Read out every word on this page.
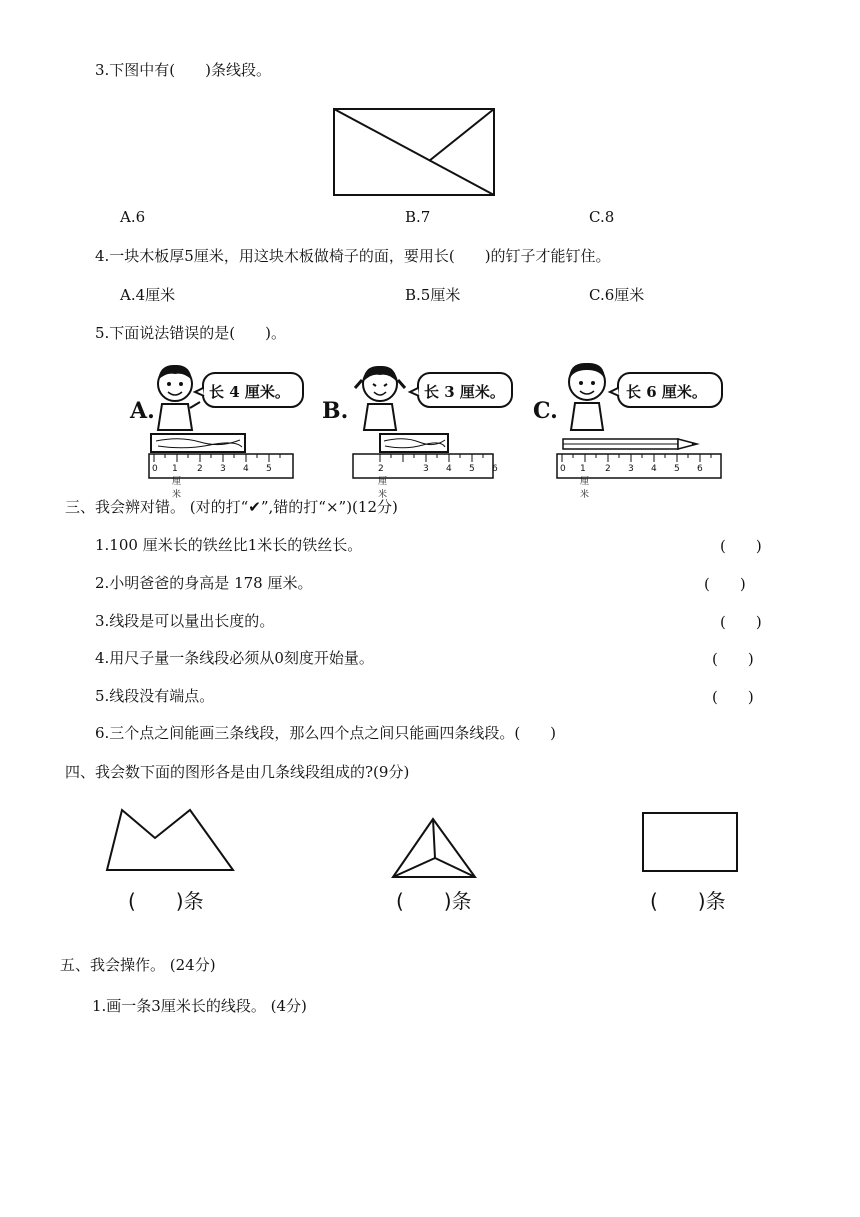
3.下图中有(　　)条线段。
A.6	B.7	C.8
4.一块木板厚5厘米，用这块木板做椅子的面，要用长(　　)的钉子才能钉住。
A.4厘米	B.5厘米	C.6厘米
5.下面说法错误的是(　　)。
A.
长 4 厘米。
0 1厘米
2 3 4 5
B.
长 3 厘米。
2厘米
3 4 5 6
C.
长 6 厘米。
0 1厘米
2 3 4 5 6
三、我会辨对错。 (对的打“✔”,错的打“×”)(12分)
1.100 厘米长的铁丝比1米长的铁丝长。	(　　)
2.小明爸爸的身高是 178 厘米。	(　　)
3.线段是可以量出长度的。	(　　)
4.用尺子量一条线段必须从0刻度开始量。	(　　)
5.线段没有端点。	(　　)
6.三个点之间能画三条线段，那么四个点之间只能画四条线段。(　　)
四、我会数下面的图形各是由几条线段组成的?(9分)
(　　)条	(　　)条	(　　)条
五、我会操作。 (24分)
1.画一条3厘米长的线段。 (4分)
